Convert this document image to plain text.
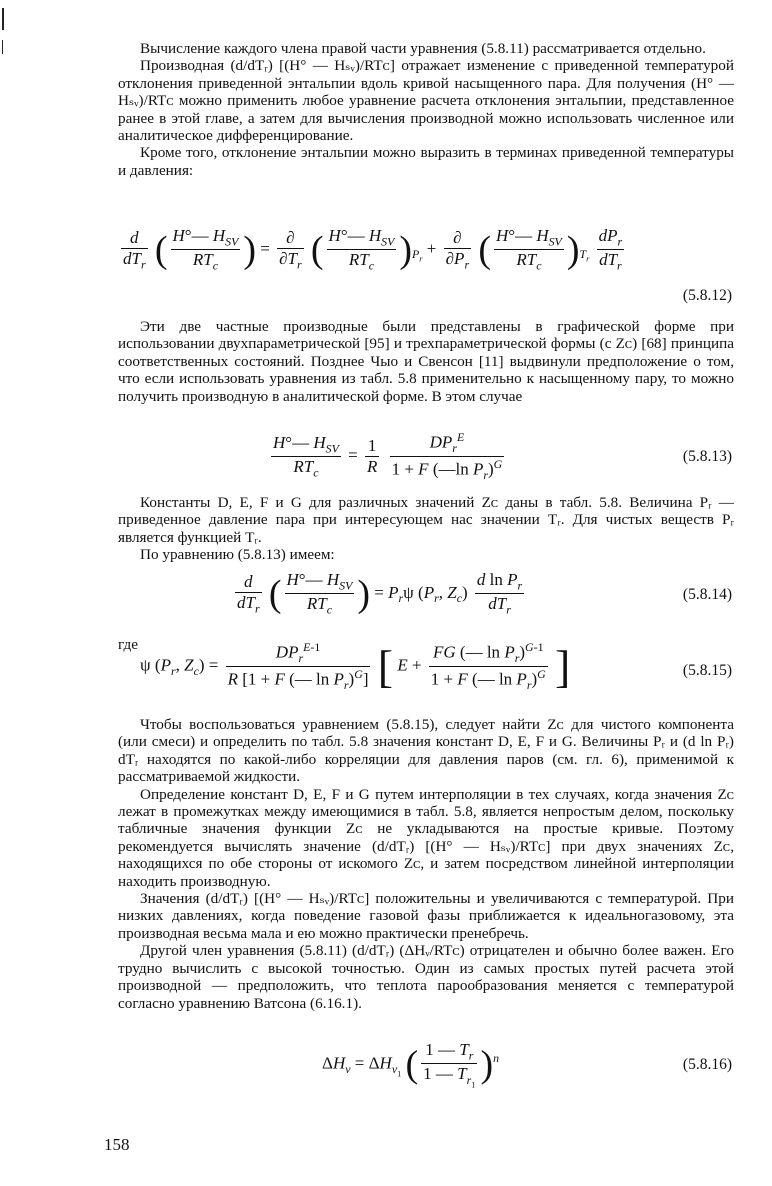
Вычисление каждого члена правой части уравнения (5.8.11) рассматривается отдельно.

Производная (d/dTᵣ) [(H° — Hₛᵥ)/RTᴄ] отражает изменение с приведенной температурой отклонения приведенной энтальпии вдоль кривой насыщенного пара. Для получения (H° — Hₛᵥ)/RTᴄ можно применить любое уравнение расчета отклонения энтальпии, представленное ранее в этой главе, а затем для вычисления производной можно использовать численное или аналитическое дифференцирование.

Кроме того, отклонение энтальпии можно выразить в терминах приведенной температуры и давления:

$\frac{d}{dT_r}$ ( $\frac{H^\circ— H_{SV}}{RT_c}$ ) = $\frac{\partial}{\partial T_r}$ ( $\frac{H^\circ— H_{SV}}{RT_c} )_{P_r} + \frac{\partial}{\partial P_r}$ ( $\frac{H^\circ— H_{SV}}{RT_c} )_{T_r} \frac{dP_r}{dT_r}$
(5.8.12)

Эти две частные производные были представлены в графической форме при использовании двухпараметрической [95] и трехпараметрической формы (с Zᴄ) [68] принципа соответственных состояний. Позднее Чыо и Свенсон [11] выдвинули предположение о том, что если использовать уравнения из табл. 5.8 применительно к насыщенному пару, то можно получить производную в аналитической форме. В этом случае

$\frac{H^\circ— H_{SV}}{RT_c} = \frac{1}{R}$
$\frac{DP_r^E}{1 + F (—\ln P_r)^G}$	(5.8.13)

Константы D, E, F и G для различных значений Zᴄ даны в табл. 5.8. Величина Pᵣ — приведенное давление пара при интересующем нас значении Tᵣ. Для чистых веществ Pᵣ является функцией Tᵣ.

По уравнению (5.8.13) имеем:

$\frac{d}{dT_r}$ ( $\frac{H^\circ— H_{SV}}{RT_c}$ ) = $P_r\psi$ ($P_r$, $Z_c) \frac{d \ln P_r}{dT_r}$	(5.8.14)

где

ψ ($P_r$, $Z_c) = \frac{DP_r^{E-1}}{R [1 + F (— \ln P_r)^G]}$ [ $E + \frac{FG (— \ln P_r)^{G-1}}{1 + F (— \ln P_r)^G}$ ]	(5.8.15)

Чтобы воспользоваться уравнением (5.8.15), следует найти Zᴄ для чистого компонента (или смеси) и определить по табл. 5.8 значения констант D, E, F и G. Величины Pᵣ и (d ln Pᵣ) dTᵣ находятся по какой-либо корреляции для давления паров (см. гл. 6), применимой к рассматриваемой жидкости.

Определение констант D, E, F и G путем интерполяции в тех случаях, когда значения Zᴄ лежат в промежутках между имеющимися в табл. 5.8, является непростым делом, поскольку табличные значения функции Zᴄ не укладываются на простые кривые. Поэтому рекомендуется вычислять значение (d/dTᵣ) [(H° — Hₛᵥ)/RTᴄ] при двух значениях Zᴄ, находящихся по обе стороны от искомого Zᴄ, и затем посредством линейной интерполяции находить производную.

Значения (d/dTᵣ) [(H° — Hₛᵥ)/RTᴄ] положительны и увеличиваются с температурой. При низких давлениях, когда поведение газовой фазы приближается к идеальногазовому, эта производная весьма мала и ею можно практически пренебречь.

Другой член уравнения (5.8.11) (d/dTᵣ) (ΔHᵥ/RTᴄ) отрицателен и обычно более важен. Его трудно вычислить с высокой точностью. Один из самых простых путей расчета этой производной — предположить, что теплота парообразования меняется с температурой согласно уравнению Ватсона (6.16.1).

$\Delta H_v = \Delta H_{v_1}$ ( $\frac{1 — T_r}{1 — T_{r_1}} )^n$	(5.8.16)
158
